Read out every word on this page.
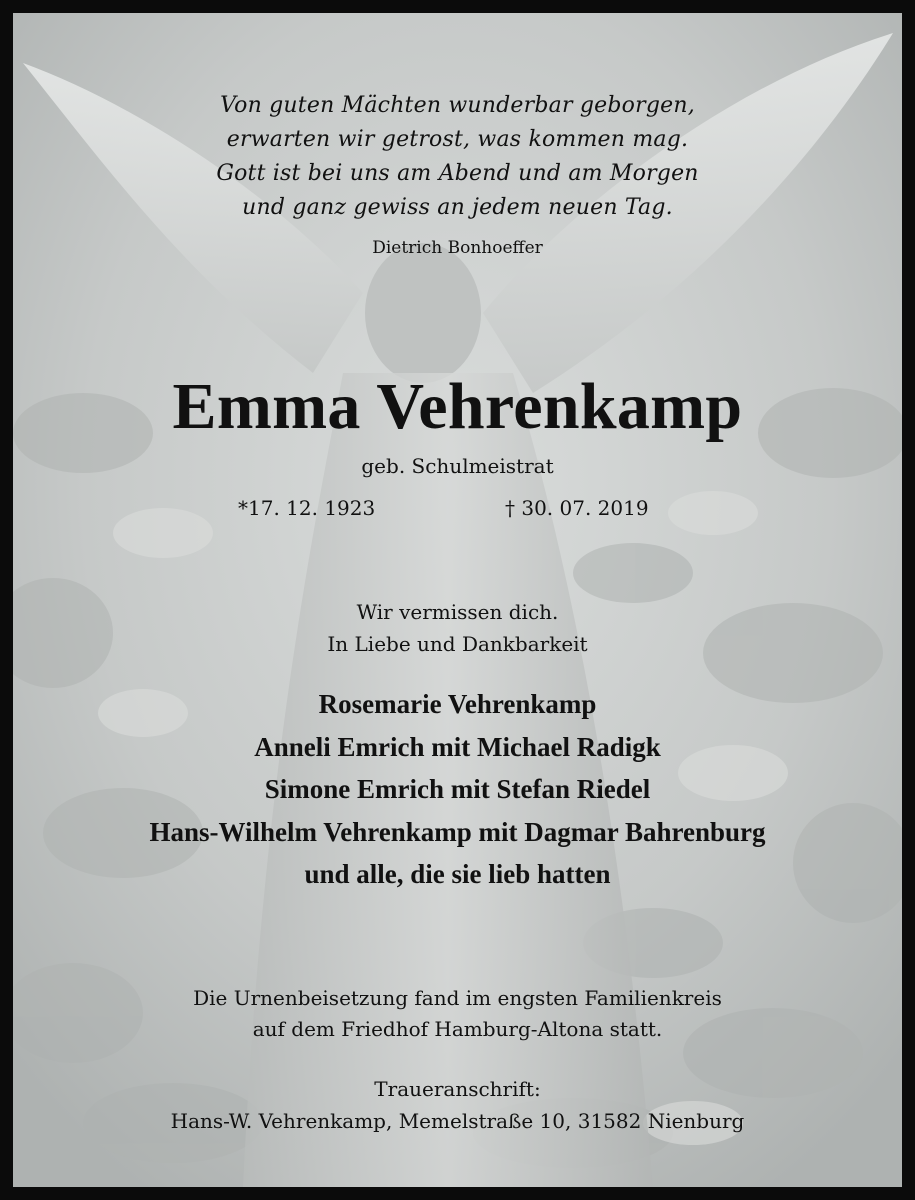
Von guten Mächten wunderbar geborgen,
erwarten wir getrost, was kommen mag.
Gott ist bei uns am Abend und am Morgen
und ganz gewiss an jedem neuen Tag.
Dietrich Bonhoeffer
Emma Vehrenkamp
geb. Schulmeistrat
*17. 12. 1923	† 30. 07. 2019
Wir vermissen dich.
In Liebe und Dankbarkeit
Rosemarie Vehrenkamp
Anneli Emrich mit Michael Radigk
Simone Emrich mit Stefan Riedel
Hans-Wilhelm Vehrenkamp mit Dagmar Bahrenburg
und alle, die sie lieb hatten
Die Urnenbeisetzung fand im engsten Familienkreis
auf dem Friedhof Hamburg-Altona statt.
Traueranschrift:
Hans-W. Vehrenkamp, Memelstraße 10, 31582 Nienburg
